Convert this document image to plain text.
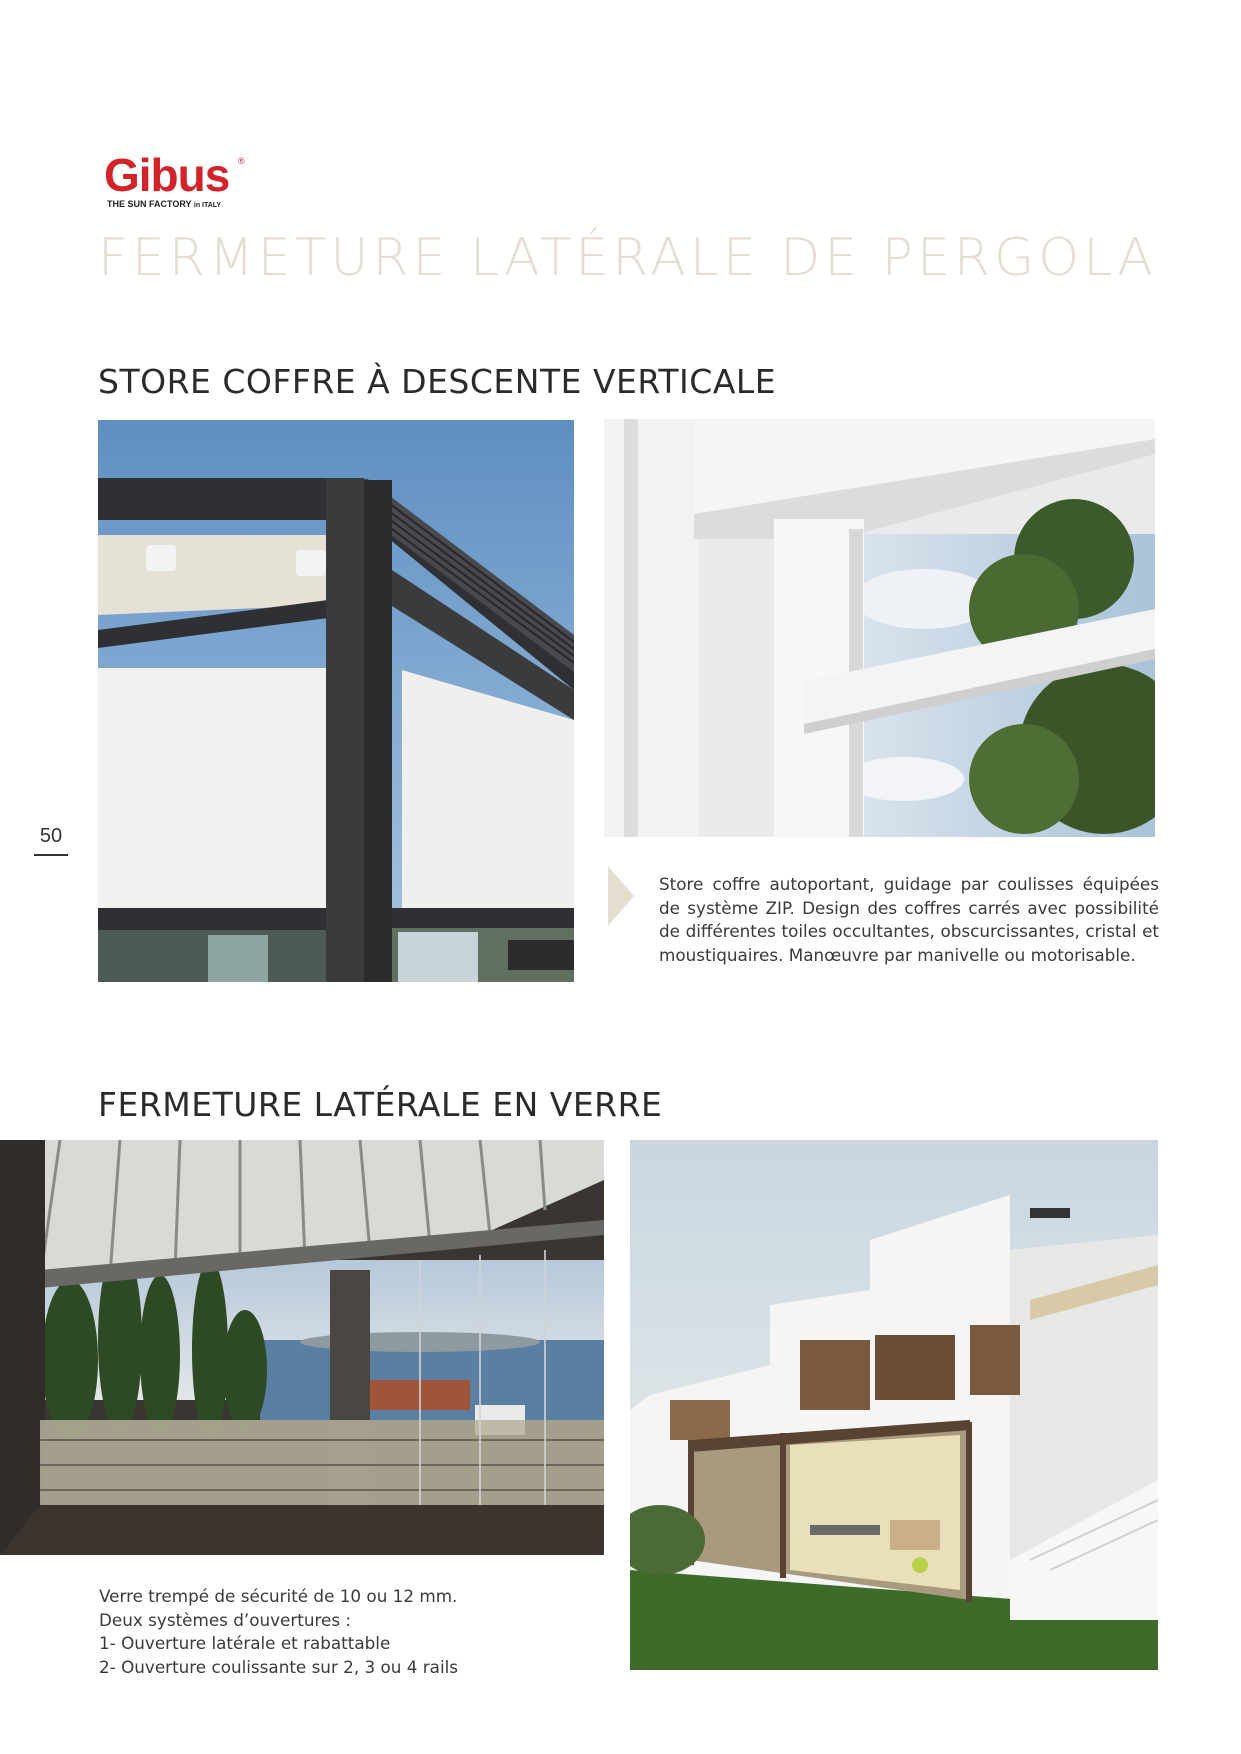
Gibus ®
THE SUN FACTORY in ITALY
FERMETURE LATÉRALE DE PERGOLA
STORE COFFRE À DESCENTE VERTICALE
50
Store coffre autoportant, guidage par coulisses équipées de système ZIP. Design des coffres carrés avec possibilité de différentes toiles occultantes, obscurcissantes, cristal et moustiquaires. Manœuvre par manivelle ou motorisable.
FERMETURE LATÉRALE EN VERRE
Verre trempé de sécurité de 10 ou 12 mm.
Deux systèmes d’ouvertures :
1- Ouverture latérale et rabattable
2- Ouverture coulissante sur 2, 3 ou 4 rails
